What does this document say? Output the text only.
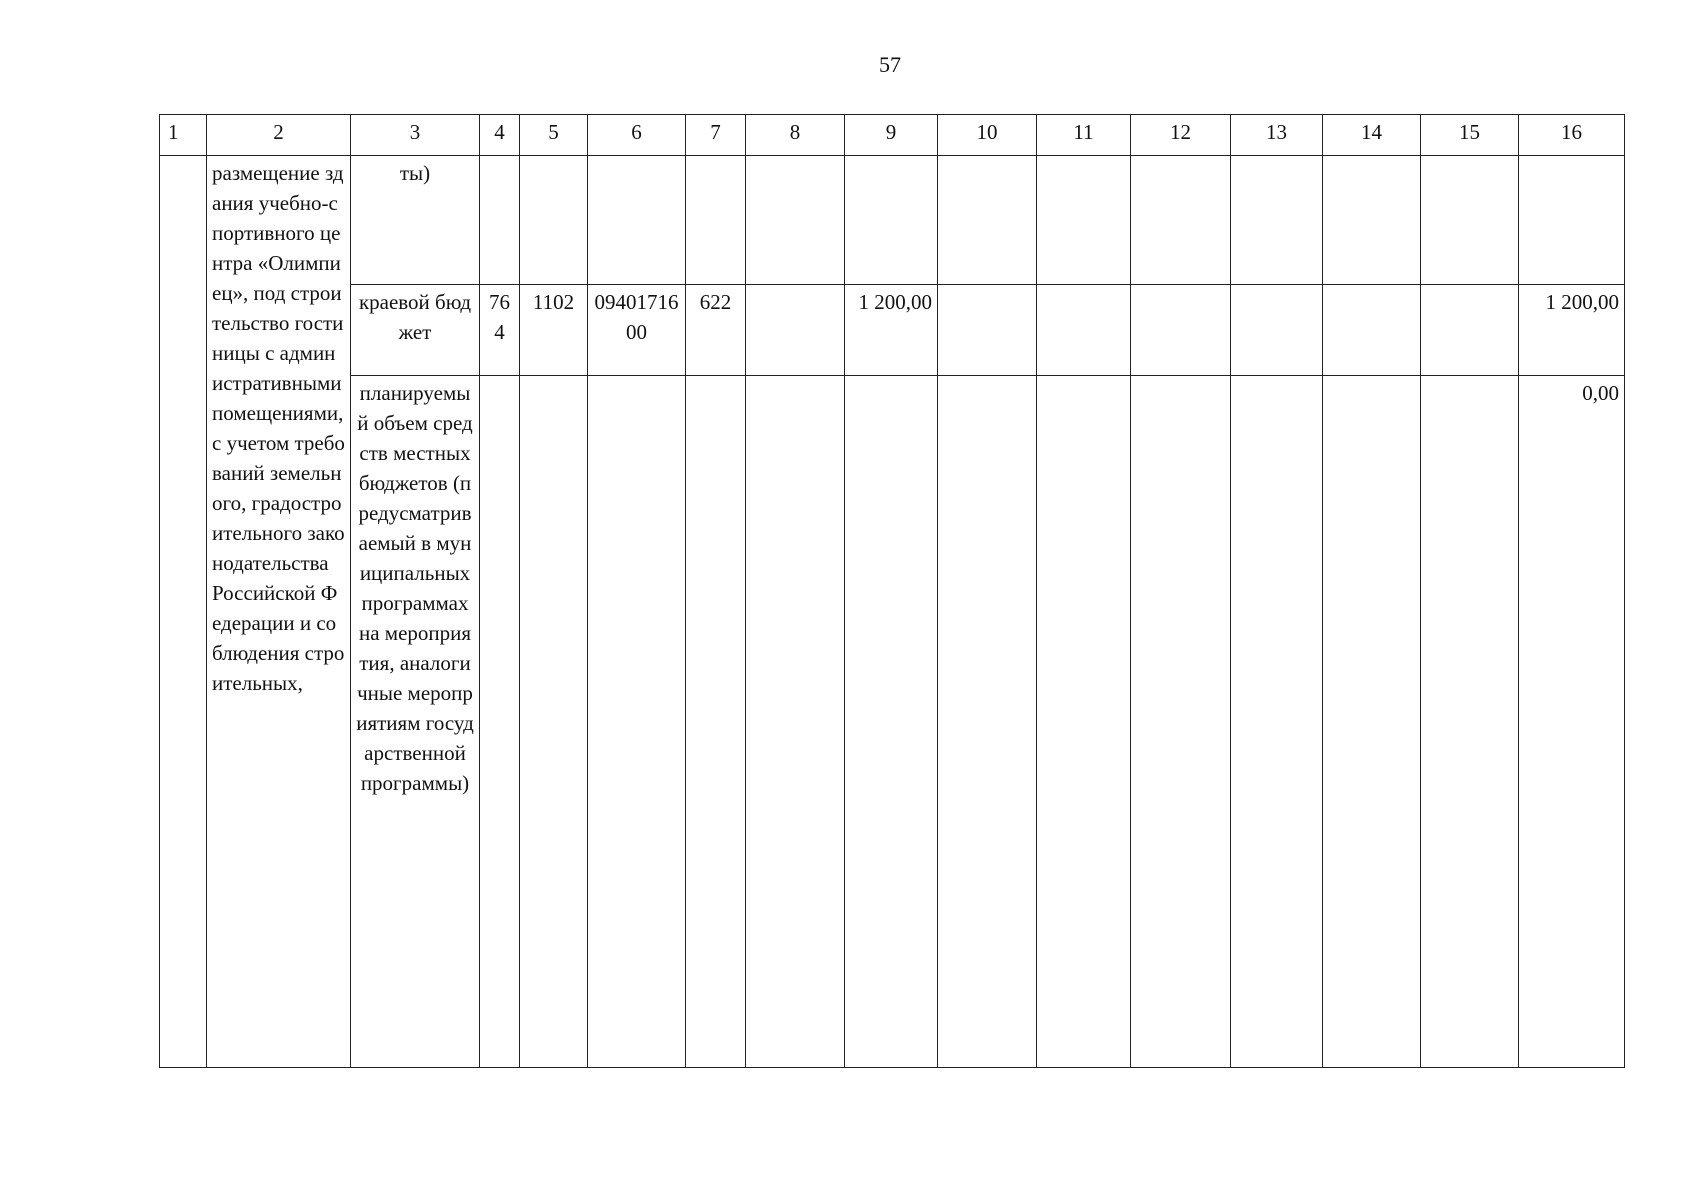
57
1	2	3	4	5	6	7	8	9	10	11	12	13	14	15	16
	размещение здания учебно-спортивного центра «Олимпиец», под строительство гостиницы с административными помещениями, с учетом требований земельного, градостроительного законодательства Российской Федерации и соблюдения строительных,	ты)													
		краевой бюджет	764	1102	0940171600	622		1 200,00							1 200,00
		планируемый объем средств местных бюджетов (предусматриваемый в муниципальных программах на мероприятия, аналогичные мероприятиям государственной программы)													0,00
